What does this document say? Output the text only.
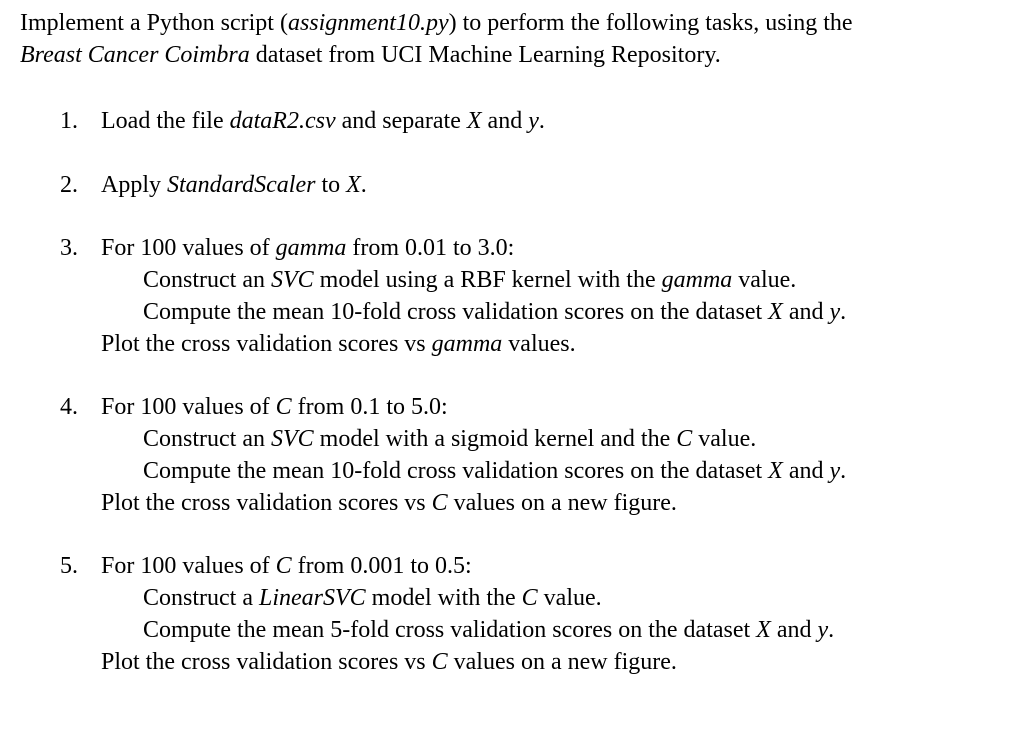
Implement a Python script (assignment10.py) to perform the following tasks, using the

Breast Cancer Coimbra dataset from UCI Machine Learning Repository.

1. Load the file dataR2.csv and separate X and y.
2. Apply StandardScaler to X.
3. For 100 values of gamma from 0.01 to 3.0:
Construct an SVC model using a RBF kernel with the gamma value.
Compute the mean 10-fold cross validation scores on the dataset X and y.
Plot the cross validation scores vs gamma values.
4. For 100 values of C from 0.1 to 5.0:
Construct an SVC model with a sigmoid kernel and the C value.
Compute the mean 10-fold cross validation scores on the dataset X and y.
Plot the cross validation scores vs C values on a new figure.
5. For 100 values of C from 0.001 to 0.5:
Construct a LinearSVC model with the C value.
Compute the mean 5-fold cross validation scores on the dataset X and y.
Plot the cross validation scores vs C values on a new figure.
